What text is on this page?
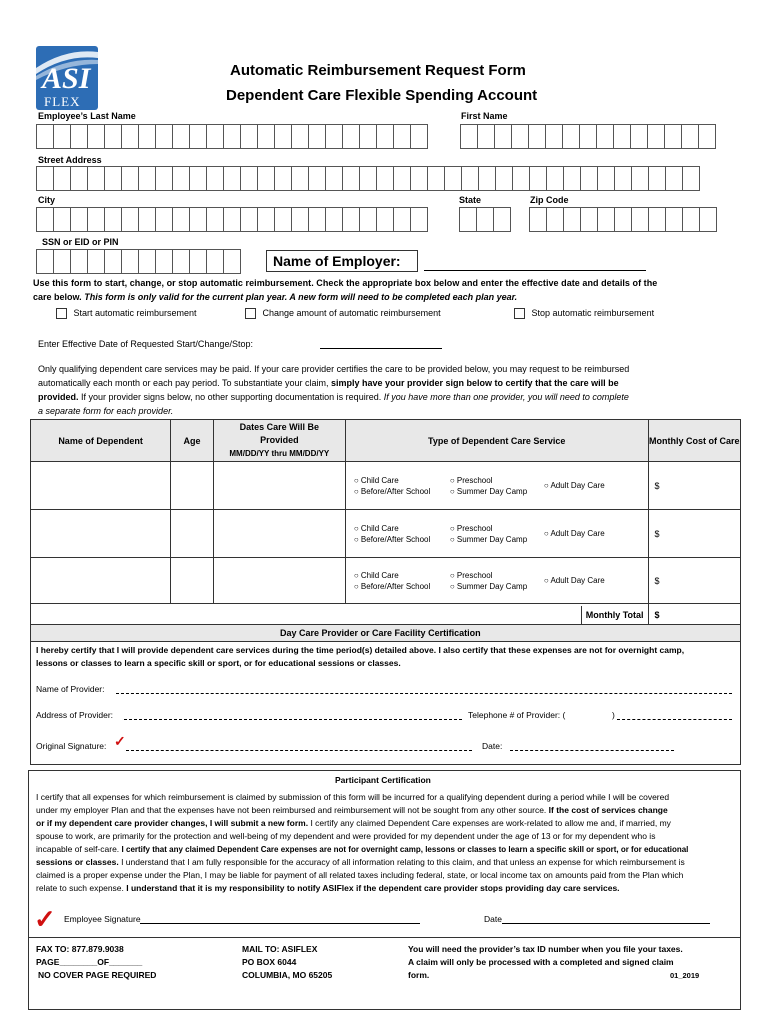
ASI
FLEX
Automatic Reimbursement Request Form
Dependent Care Flexible Spending Account
Employee’s Last Name	First Name
Street Address
City	State	Zip Code
SSN or EID or PIN
Name of Employer:
Use this form to start, change, or stop automatic reimbursement. Check the appropriate box below and enter the effective date and details of the
care below. This form is only valid for the current plan year. A new form will need to be completed each plan year.
Start automatic reimbursement	Change amount of automatic reimbursement	Stop automatic reimbursement
Enter Effective Date of Requested Start/Change/Stop:
Only qualifying dependent care services may be paid. If your care provider certifies the care to be provided below, you may request to be reimbursed
automatically each month or each pay period. To substantiate your claim, simply have your provider sign below to certify that the care will be
provided. If your provider signs below, no other supporting documentation is required. If you have more than one provider, you will need to complete
a separate form for each provider.
Name of Dependent	Age	Dates Care Will Be
Provided
MM/DD/YY thru MM/DD/YY	Type of Dependent Care Service	Monthly Cost of Care

			○ Child Care
○ Before/After School
○ Preschool
○ Summer Day Camp
○ Adult Day Care	$

			○ Child Care
○ Before/After School
○ Preschool
○ Summer Day Camp
○ Adult Day Care	$

			○ Child Care
○ Before/After School
○ Preschool
○ Summer Day Camp
○ Adult Day Care	$
			Monthly Total	$
Day Care Provider or Care Facility Certification
I hereby certify that I will provide dependent care services during the time period(s) detailed above. I also certify that these expenses are not for overnight camp,
lessons or classes to learn a specific skill or sport, or for educational sessions or classes.
Name of Provider:
Address of Provider:	Telephone # of Provider: (	)
Original Signature: ✓	Date:
Participant Certification
I certify that all expenses for which reimbursement is claimed by submission of this form will be incurred for a qualifying dependent during a period while I will be covered
under my employer Plan and that the expenses have not been reimbursed and reimbursement will not be sought from any other source. If the cost of services change
or if my dependent care provider changes, I will submit a new form. I certify any claimed Dependent Care expenses are work-related to allow me and, if married, my
spouse to work, are primarily for the protection and well-being of my dependent and were provided for my dependent under the age of 13 or for my dependent who is
incapable of self-care. I certify that any claimed Dependent Care expenses are not for overnight camp, lessons or classes to learn a specific skill or sport, or for educational
sessions or classes. I understand that I am fully responsible for the accuracy of all information relating to this claim, and that unless an expense for which reimbursement is
claimed is a proper expense under the Plan, I may be liable for payment of all related taxes including federal, state, or local income tax on amounts paid from the Plan which
relate to such expense. I understand that it is my responsibility to notify ASIFlex if the dependent care provider stops providing day care services.
✓ Employee Signature	Date
FAX TO: 877.879.9038
PAGE________OF_______
NO COVER PAGE REQUIRED
MAIL TO: ASIFLEX
PO BOX 6044
COLUMBIA, MO 65205
You will need the provider’s tax ID number when you file your taxes.
A claim will only be processed with a completed and signed claim
form.	01_2019
